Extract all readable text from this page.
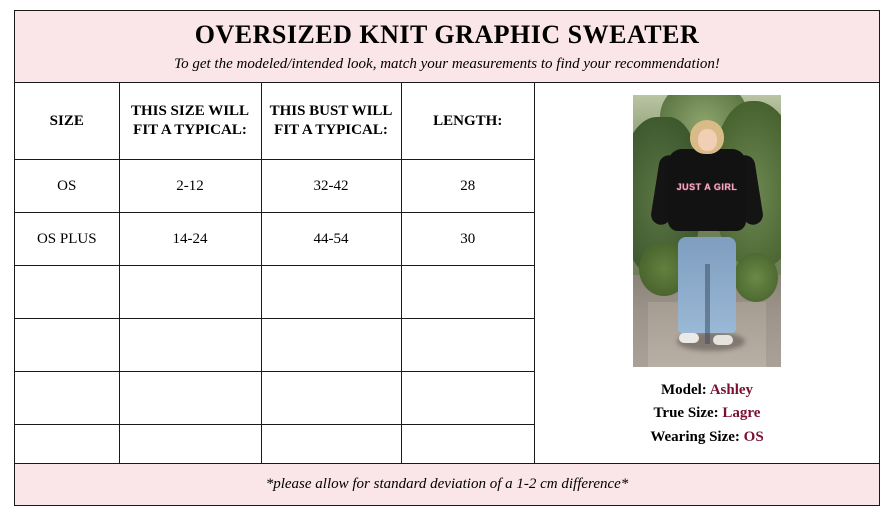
OVERSIZED KNIT GRAPHIC SWEATER
To get the modeled/intended look, match your measurements to find your recommendation!
SIZE	THIS SIZE WILL FIT A TYPICAL:	THIS BUST WILL FIT A TYPICAL:	LENGTH:
OS	2-12	32-42	28
OS PLUS	14-24	44-54	30

JUST A GIRL
Model: Ashley
True Size: Lagre
Wearing Size: OS
*please allow for standard deviation of a 1-2 cm difference*
